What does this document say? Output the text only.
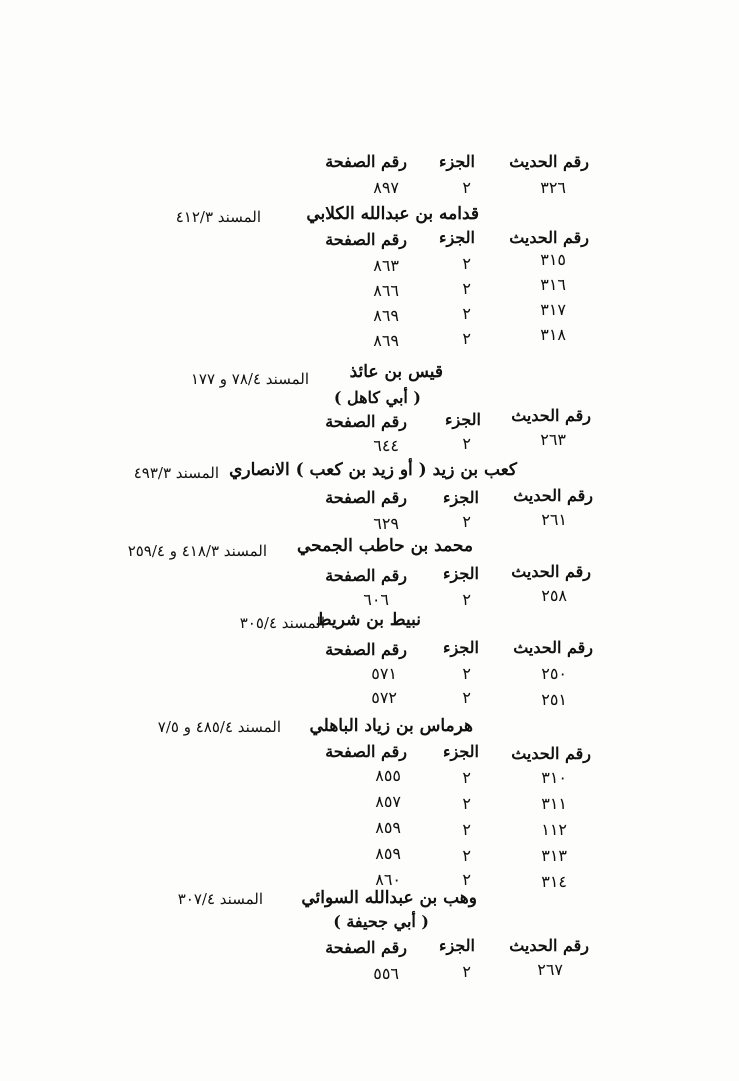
رقم الحديث
الجزء
رقم الصفحة
٣٢٦
٢
٨٩٧
قدامه بن عبدالله الكلابي
المسند ٤١٢/٣
رقم الحديث
الجزء
رقم الصفحة
٣١٥
٢
٨٦٣
٣١٦
٢
٨٦٦
٣١٧
٢
٨٦٩
٣١٨
٢
٨٦٩
قيس بن عائذ
المسند ٧٨/٤ و ١٧٧
( أبي كاهل )
رقم الحديث
الجزء
رقم الصفحة
٢٦٣
٢
٦٤٤
كعب بن زيد ( أو زيد بن كعب ) الانصاري
المسند ٤٩٣/٣
رقم الحديث
الجزء
رقم الصفحة
٢٦١
٢
٦٢٩
محمد بن حاطب الجمحي
المسند ٤١٨/٣ و ٢٥٩/٤
رقم الحديث
الجزء
رقم الصفحة
٢٥٨
٢
٦٠٦
نبيط بن شريط
المسند ٣٠٥/٤
رقم الحديث
الجزء
رقم الصفحة
٢٥٠
٢
٥٧١
٢٥١
٢
٥٧٢
هرماس بن زياد الباهلي
المسند ٤٨٥/٤ و ٧/٥
رقم الحديث
الجزء
رقم الصفحة
٣١٠
٢
٨٥٥
٣١١
٢
٨٥٧
١١٢
٢
٨٥٩
٣١٣
٢
٨٥٩
٣١٤
٢
٨٦٠
وهب بن عبدالله السوائي
المسند ٣٠٧/٤
( أبي جحيفة )
رقم الحديث
الجزء
رقم الصفحة
٢٦٧
٢
٥٥٦
